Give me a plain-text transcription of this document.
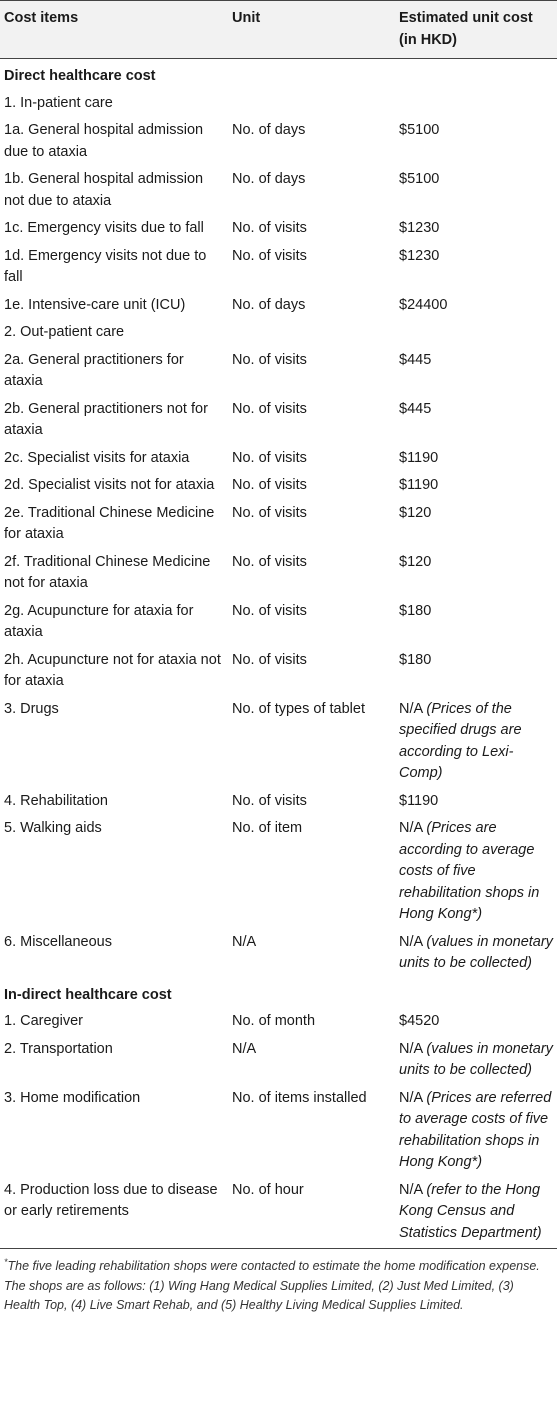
Cost items	Unit	Estimated unit cost (in HKD)
Direct healthcare cost		
1. In-patient care		
1a. General hospital admission due to ataxia	No. of days	$5100
1b. General hospital admission not due to ataxia	No. of days	$5100
1c. Emergency visits due to fall	No. of visits	$1230
1d. Emergency visits not due to fall	No. of visits	$1230
1e. Intensive-care unit (ICU)	No. of days	$24400
2. Out-patient care		
2a. General practitioners for ataxia	No. of visits	$445
2b. General practitioners not for ataxia	No. of visits	$445
2c. Specialist visits for ataxia	No. of visits	$1190
2d. Specialist visits not for ataxia	No. of visits	$1190
2e. Traditional Chinese Medicine for ataxia	No. of visits	$120
2f. Traditional Chinese Medicine not for ataxia	No. of visits	$120
2g. Acupuncture for ataxia for ataxia	No. of visits	$180
2h. Acupuncture not for ataxia not for ataxia	No. of visits	$180
3. Drugs	No. of types of tablet	N/A (Prices of the specified drugs are according to Lexi-Comp)
4. Rehabilitation	No. of visits	$1190
5. Walking aids	No. of item	N/A (Prices are according to average costs of five rehabilitation shops in Hong Kong*)
6. Miscellaneous	N/A	N/A (values in monetary units to be collected)
In-direct healthcare cost		
1. Caregiver	No. of month	$4520
2. Transportation	N/A	N/A (values in monetary units to be collected)
3. Home modification	No. of items installed	N/A (Prices are referred to average costs of five rehabilitation shops in Hong Kong*)
4. Production loss due to disease or early retirements	No. of hour	N/A (refer to the Hong Kong Census and Statistics Department)
*The five leading rehabilitation shops were contacted to estimate the home modification expense. The shops are as follows: (1) Wing Hang Medical Supplies Limited, (2) Just Med Limited, (3) Health Top, (4) Live Smart Rehab, and (5) Healthy Living Medical Supplies Limited.
